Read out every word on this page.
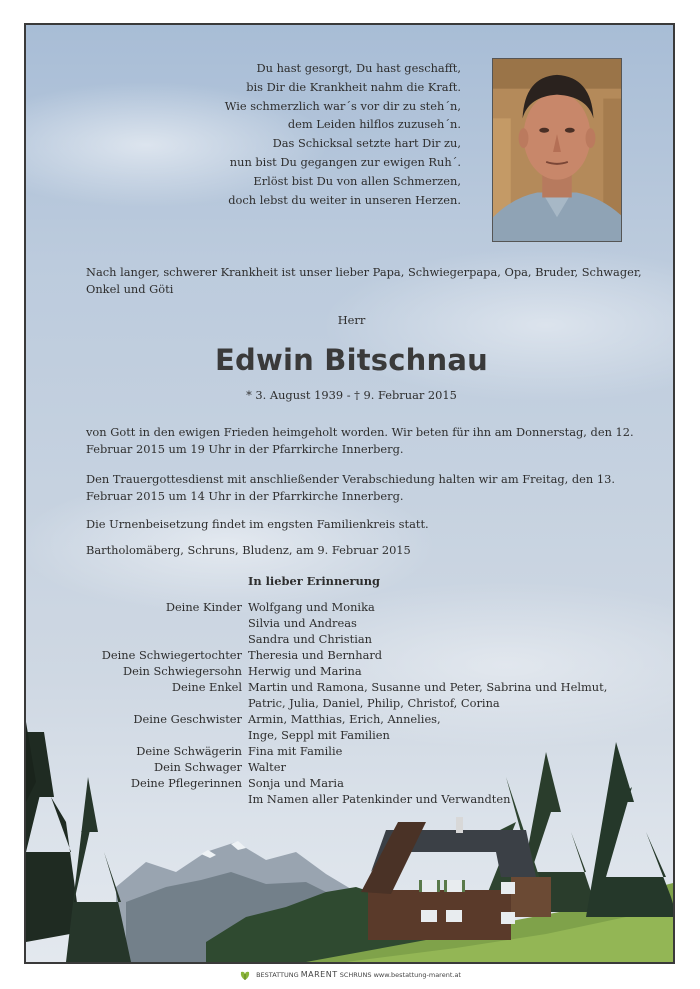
Du hast gesorgt, Du hast geschafft,
bis Dir die Krankheit nahm die Kraft.
Wie schmerzlich war´s vor dir zu steh´n,
dem Leiden hilflos zuzuseh´n.
Das Schicksal setzte hart Dir zu,
nun bist Du gegangen zur ewigen Ruh´.
Erlöst bist Du von allen Schmerzen,
doch lebst du weiter in unseren Herzen.
Nach langer, schwerer Krankheit ist unser lieber Papa, Schwiegerpapa, Opa, Bruder, Schwager, Onkel und Göti
Herr
Edwin Bitschnau
* 3. August 1939 - † 9. Februar 2015
von Gott in den ewigen Frieden heimgeholt worden. Wir beten für ihn am Donnerstag, den 12. Februar 2015 um 19 Uhr in der Pfarrkirche Innerberg.
Den Trauergottesdienst mit anschließender Verabschiedung halten wir am Freitag, den 13. Februar 2015 um 14 Uhr in der Pfarrkirche Innerberg.
Die Urnenbeisetzung findet im engsten Familienkreis statt.
Bartholomäberg, Schruns, Bludenz, am 9. Februar 2015
In lieber Erinnerung
Deine Kinder Wolfgang und Monika
Silvia und Andreas
Sandra und Christian
Deine Schwiegertochter Theresia und Bernhard
Dein Schwiegersohn Herwig und Marina
Deine Enkel Martin und Ramona, Susanne und Peter, Sabrina und Helmut,
Patric, Julia, Daniel, Philip, Christof, Corina
Deine Geschwister Armin, Matthias, Erich, Annelies,
Inge, Seppl mit Familien
Deine Schwägerin Fina mit Familie
Dein Schwager Walter
Deine Pflegerinnen Sonja und Maria
Im Namen aller Patenkinder und Verwandten
BESTATTUNG MARENT SCHRUNS www.bestattung-marent.at
